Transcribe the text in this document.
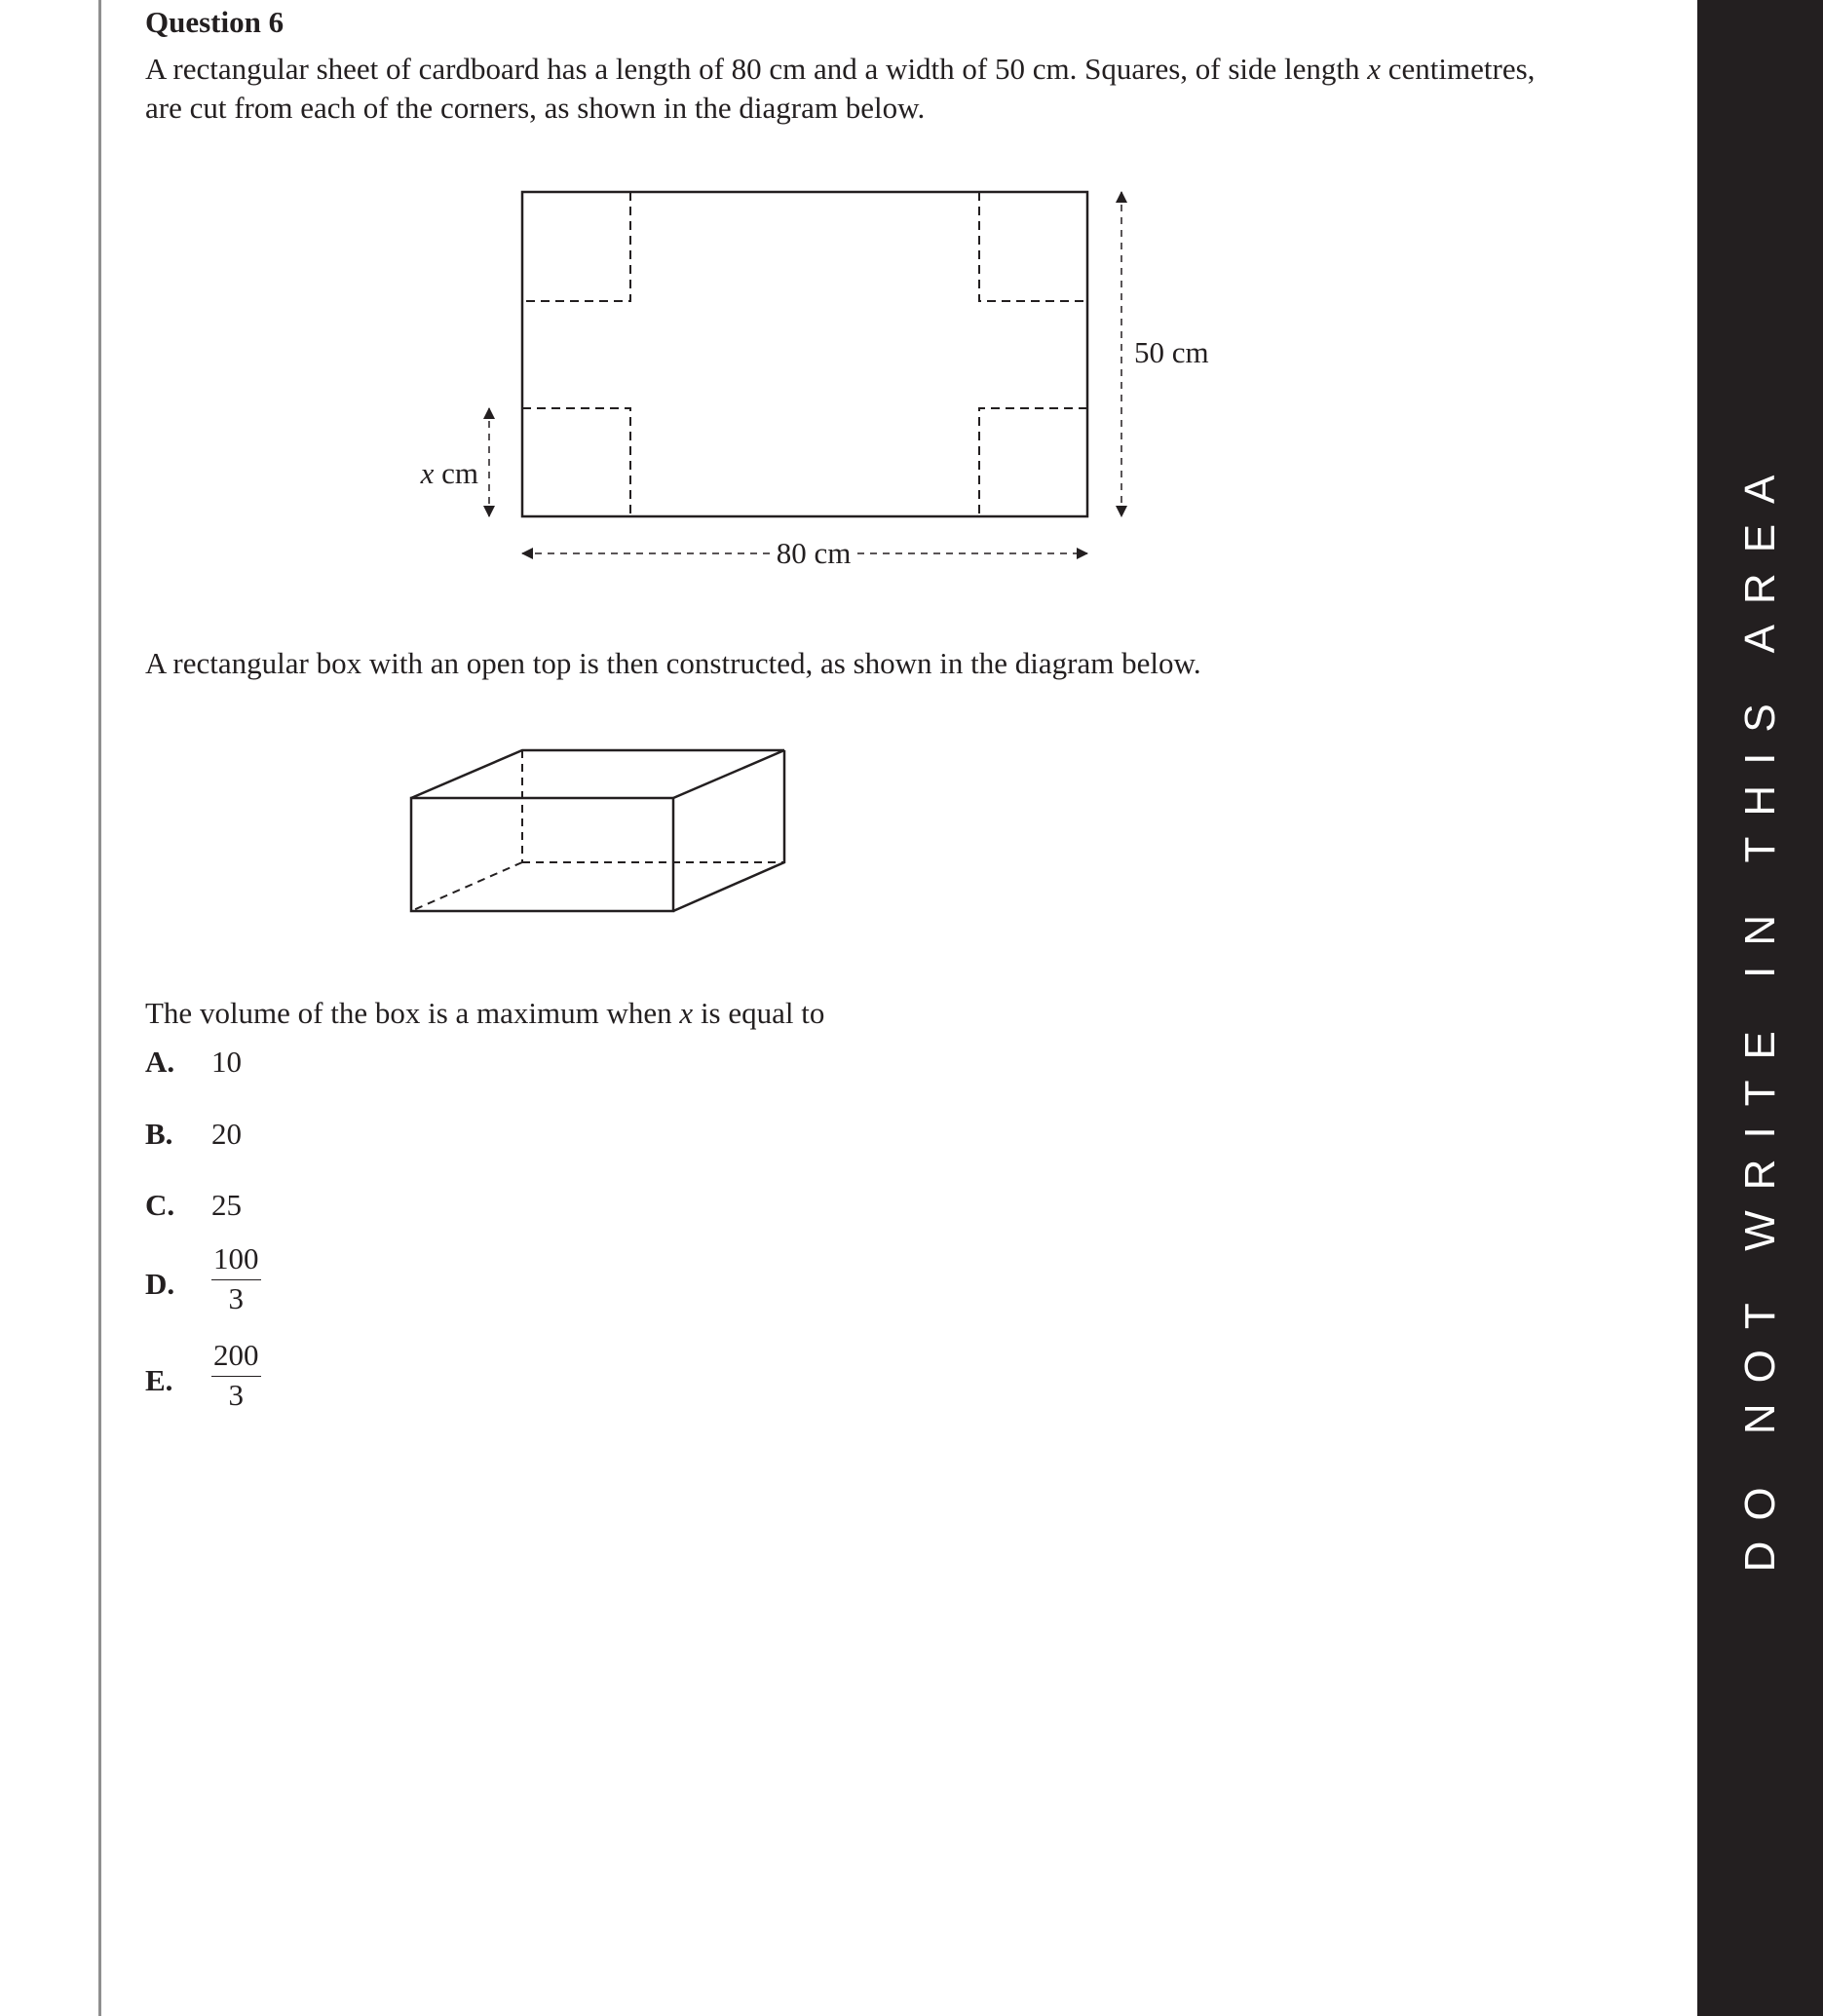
DO NOT WRITE IN THIS AREA
Question 6
A rectangular sheet of cardboard has a length of 80 cm and a width of 50 cm. Squares, of side length x centimetres,
are cut from each of the corners, as shown in the diagram below.
50 cm
80 cm
x cm
A rectangular box with an open top is then constructed, as shown in the diagram below.
The volume of the box is a maximum when x is equal to
A. 10
B. 20
C. 25
D. $\frac{100}{3}$
E. $\frac{200}{3}$
